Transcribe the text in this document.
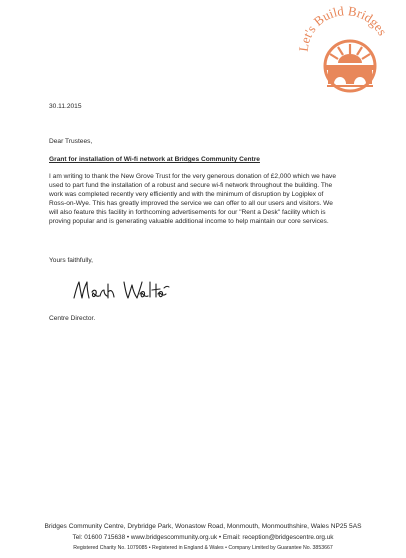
Let's Build Bridges
30.11.2015
Dear Trustees,
Grant for installation of Wi-fi network at Bridges Community Centre
I am writing to thank the New Grove Trust for the very generous donation of £2,000 which we have
used to part fund the installation of a robust and secure wi-fi network throughout the building. The
work was completed recently very efficiently and with the minimum of disruption by Logiplex of
Ross-on-Wye. This has greatly improved the service we can offer to all our users and visitors. We
will also feature this facility in forthcoming advertisements for our "Rent a Desk" facility which is
proving popular and is generating valuable additional income to help maintain our core services.
Yours faithfully,
Centre Director.
Bridges Community Centre, Drybridge Park, Wonastow Road, Monmouth, Monmouthshire, Wales NP25 5AS
Tel: 01600 715638 • www.bridgescommunity.org.uk • Email: reception@bridgescentre.org.uk
Registered Charity No. 1079085 • Registered in England & Wales • Company Limited by Guarantee No. 3853667
